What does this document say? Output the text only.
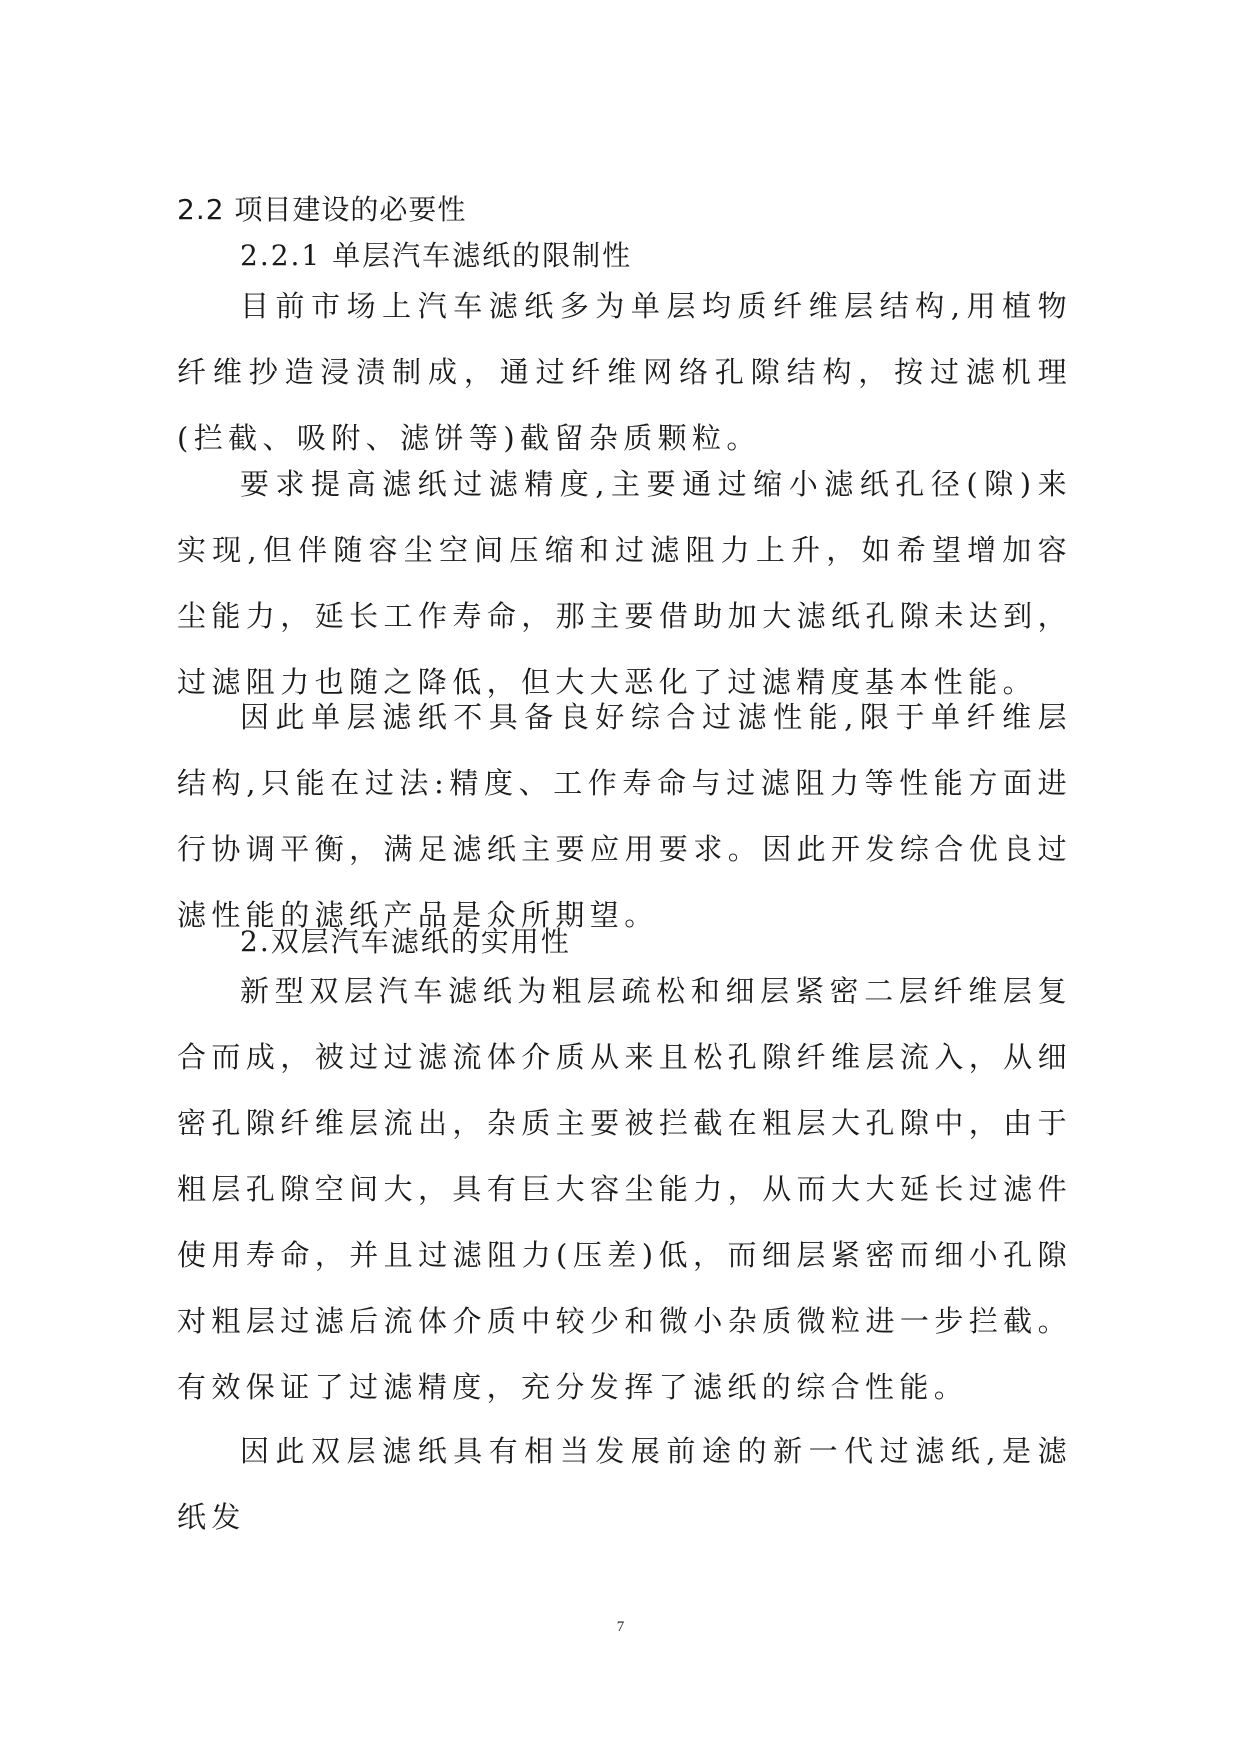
2.2 项目建设的必要性
2.2.1 单层汽车滤纸的限制性

目前市场上汽车滤纸多为单层均质纤维层结构,用植物纤维抄造浸渍制成，通过纤维网络孔隙结构，按过滤机理(拦截、吸附、滤饼等)截留杂质颗粒。

要求提高滤纸过滤精度,主要通过缩小滤纸孔径(隙)来实现,但伴随容尘空间压缩和过滤阻力上升，如希望增加容尘能力，延长工作寿命，那主要借助加大滤纸孔隙未达到，过滤阻力也随之降低，但大大恶化了过滤精度基本性能。

因此单层滤纸不具备良好综合过滤性能,限于单纤维层结构,只能在过法:精度、工作寿命与过滤阻力等性能方面进行协调平衡，满足滤纸主要应用要求。因此开发综合优良过滤性能的滤纸产品是众所期望。

2.双层汽车滤纸的实用性

新型双层汽车滤纸为粗层疏松和细层紧密二层纤维层复合而成，被过过滤流体介质从来且松孔隙纤维层流入，从细密孔隙纤维层流出，杂质主要被拦截在粗层大孔隙中，由于粗层孔隙空间大，具有巨大容尘能力，从而大大延长过滤件使用寿命，并且过滤阻力(压差)低，而细层紧密而细小孔隙对粗层过滤后流体介质中较少和微小杂质微粒进一步拦截。有效保证了过滤精度，充分发挥了滤纸的综合性能。

因此双层滤纸具有相当发展前途的新一代过滤纸,是滤纸发

7
